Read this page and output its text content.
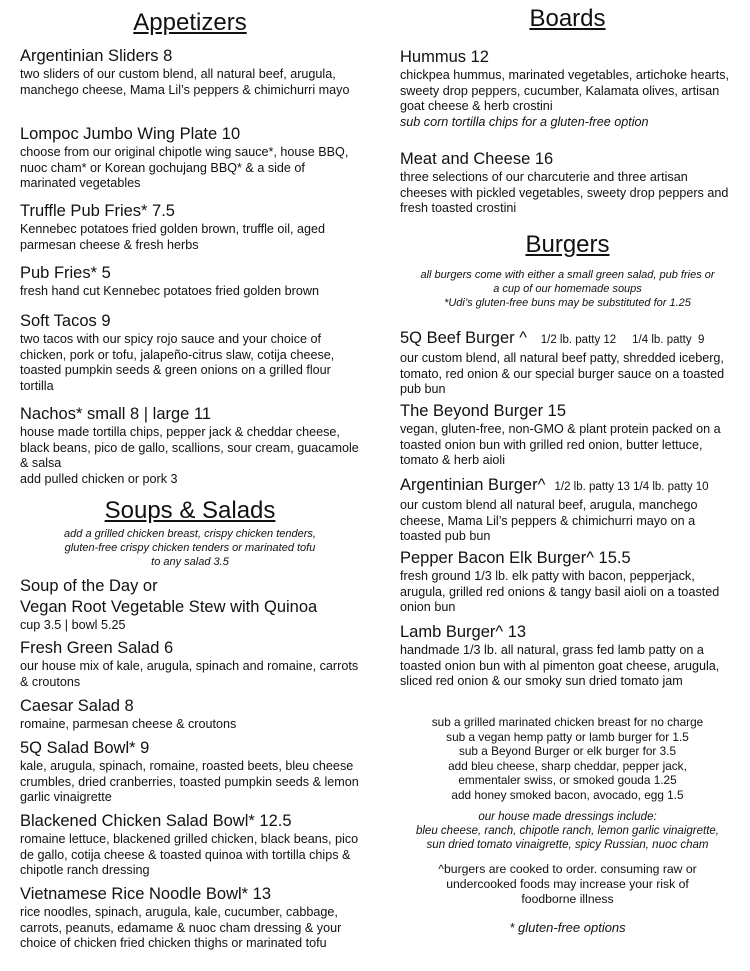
Appetizers
Argentinian Sliders 8
two sliders of our custom blend, all natural beef, arugula, manchego cheese, Mama Lil’s peppers & chimichurri mayo
Lompoc Jumbo Wing Plate 10
choose from our original chipotle wing sauce*, house BBQ, nuoc cham* or Korean gochujang BBQ* & a side of marinated vegetables
Truffle Pub Fries* 7.5
Kennebec potatoes fried golden brown, truffle oil, aged parmesan cheese & fresh herbs
Pub Fries* 5
fresh hand cut Kennebec potatoes fried golden brown
Soft Tacos 9
two tacos with our spicy rojo sauce and your choice of chicken, pork or tofu, jalapeño-citrus slaw, cotija cheese, toasted pumpkin seeds & green onions on a grilled flour tortilla
Nachos* small 8 | large 11
house made tortilla chips, pepper jack & cheddar cheese, black beans, pico de gallo, scallions, sour cream, guacamole & salsa
add pulled chicken or pork 3
Soups & Salads
add a grilled chicken breast, crispy chicken tenders,
gluten-free crispy chicken tenders or marinated tofu
to any salad 3.5
Soup of the Day or
Vegan Root Vegetable Stew with Quinoa
cup 3.5 | bowl 5.25
Fresh Green Salad 6
our house mix of kale, arugula, spinach and romaine, carrots & croutons
Caesar Salad 8
romaine, parmesan cheese & croutons
5Q Salad Bowl* 9
kale, arugula, spinach, romaine, roasted beets, bleu cheese crumbles, dried cranberries, toasted pumpkin seeds & lemon garlic vinaigrette
Blackened Chicken Salad Bowl* 12.5
romaine lettuce, blackened grilled chicken, black beans, pico de gallo, cotija cheese & toasted quinoa with tortilla chips & chipotle ranch dressing
Vietnamese Rice Noodle Bowl* 13
rice noodles, spinach, arugula, kale, cucumber, cabbage, carrots, peanuts, edamame & nuoc cham dressing & your choice of chicken fried chicken thighs or marinated tofu
Boards
Hummus 12
chickpea hummus, marinated vegetables, artichoke hearts, sweety drop peppers, cucumber, Kalamata olives, artisan goat cheese & herb crostini
sub corn tortilla chips for a gluten-free option
Meat and Cheese 16
three selections of our charcuterie and three artisan cheeses with pickled vegetables, sweety drop peppers and fresh toasted crostini
Burgers
all burgers come with either a small green salad, pub fries or
a cup of our homemade soups
*Udi’s gluten-free buns may be substituted for 1.25
5Q Beef Burger ^ 1/2 lb. patty 12     1/4 lb. patty  9
our custom blend, all natural beef patty, shredded iceberg, tomato, red onion & our special burger sauce on a toasted pub bun
The Beyond Burger 15
vegan, gluten-free, non-GMO & plant protein packed on a toasted onion bun with grilled red onion, butter lettuce, tomato & herb aioli
Argentinian Burger^ 1/2 lb. patty 13 1/4 lb. patty 10
our custom blend all natural beef, arugula, manchego cheese, Mama Lil’s peppers & chimichurri mayo on a toasted pub bun
Pepper Bacon Elk Burger^ 15.5
fresh ground 1/3 lb. elk patty with bacon, pepperjack, arugula, grilled red onions & tangy basil aioli on a toasted onion bun
Lamb Burger^ 13
handmade 1/3 lb. all natural, grass fed lamb patty on a toasted onion bun with al pimenton goat cheese, arugula, sliced red onion & our smoky sun dried tomato jam
sub a grilled marinated chicken breast for no charge
sub a vegan hemp patty or lamb burger for 1.5
sub a Beyond Burger or elk burger for 3.5
add bleu cheese, sharp cheddar, pepper jack,
emmentaler swiss, or smoked gouda 1.25
add honey smoked bacon, avocado, egg 1.5
our house made dressings include:
bleu cheese, ranch, chipotle ranch, lemon garlic vinaigrette,
sun dried tomato vinaigrette, spicy Russian, nuoc cham
^burgers are cooked to order. consuming raw or
undercooked foods may increase your risk of
foodborne illness
* gluten-free options
